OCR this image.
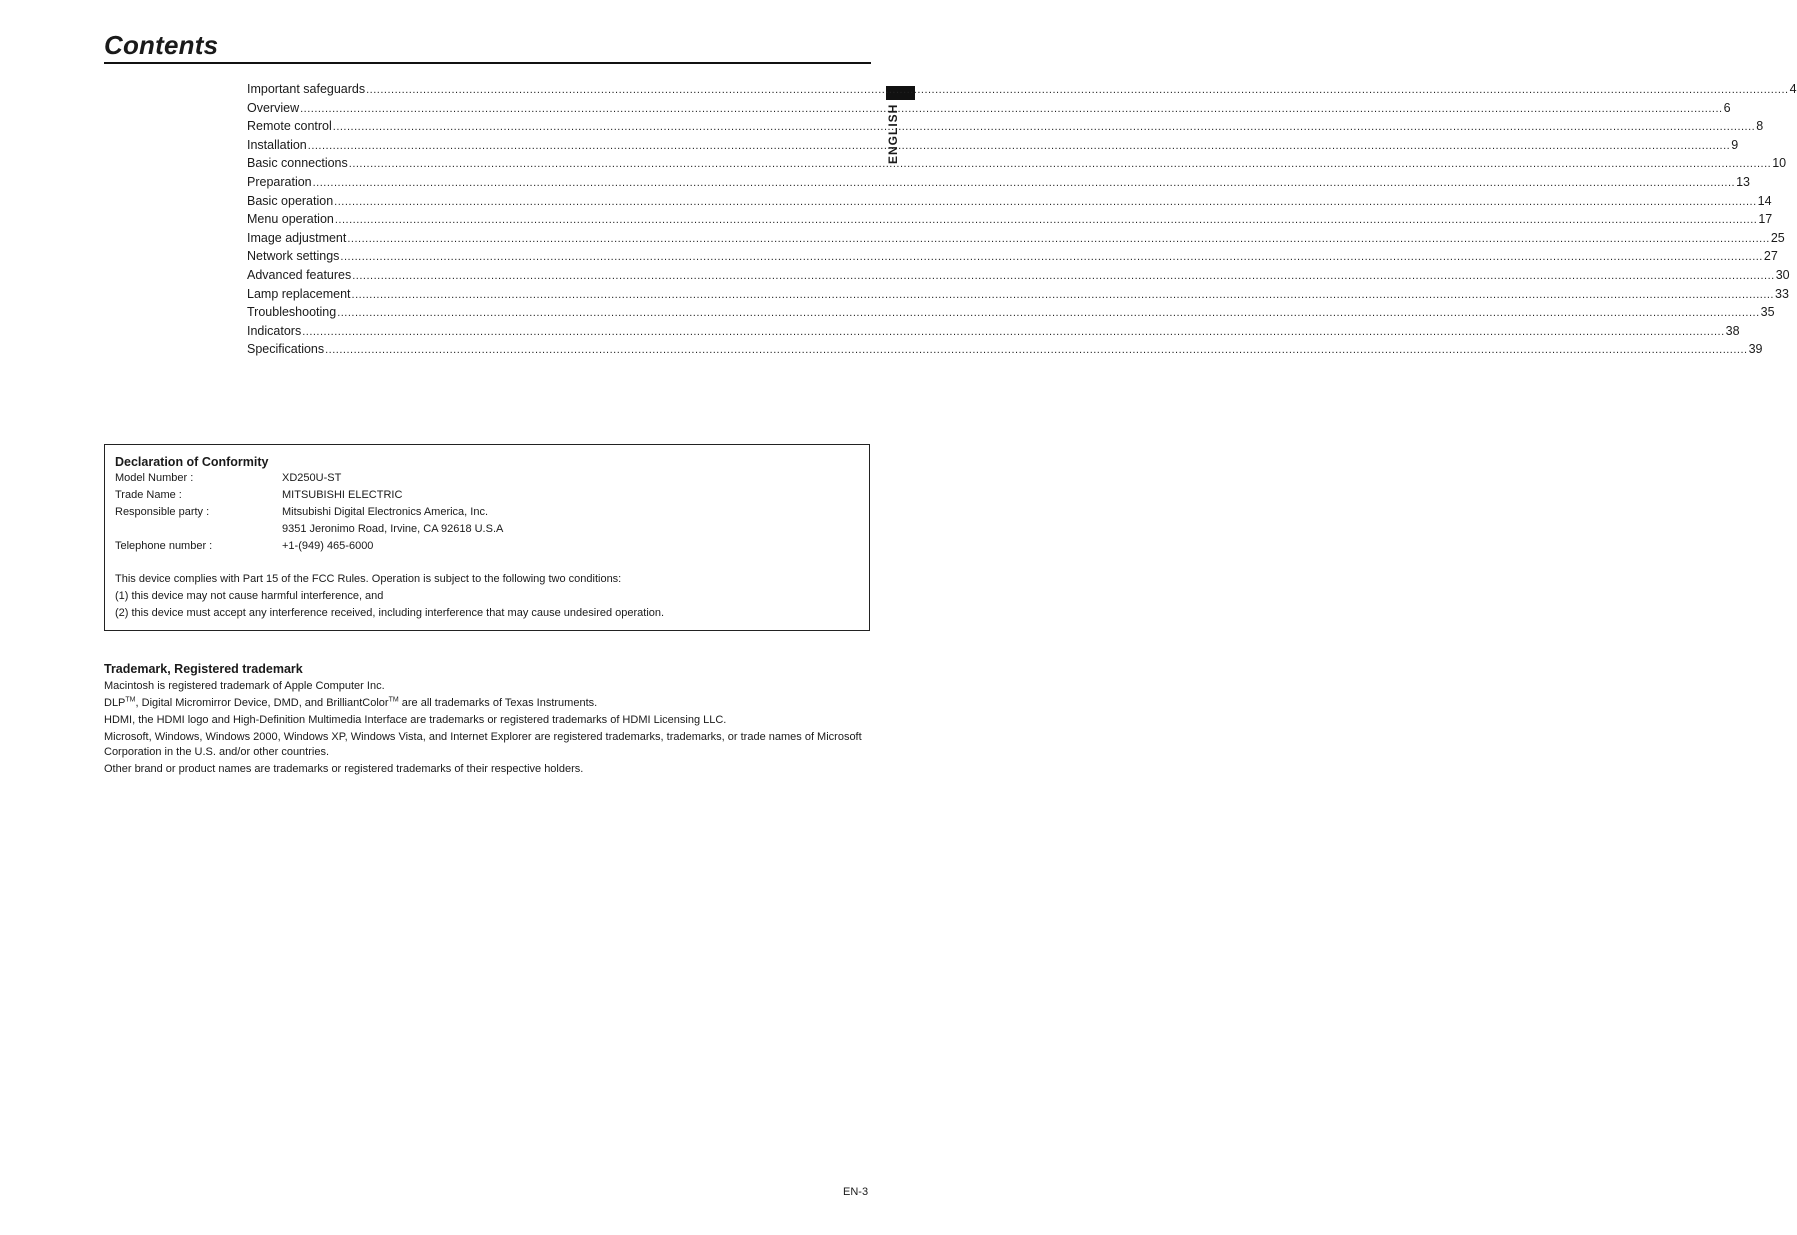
Contents
ENGLISH
Important safeguards ................................................................................................................................................................................................................................................................................................................................................................................................................ 4
Overview ................................................................................................................................................................................................................................................................................................................................................................................................................ 6
Remote control ................................................................................................................................................................................................................................................................................................................................................................................................................ 8
Installation ................................................................................................................................................................................................................................................................................................................................................................................................................ 9
Basic connections ................................................................................................................................................................................................................................................................................................................................................................................................................ 10
Preparation ................................................................................................................................................................................................................................................................................................................................................................................................................ 13
Basic operation ................................................................................................................................................................................................................................................................................................................................................................................................................ 14
Menu operation ................................................................................................................................................................................................................................................................................................................................................................................................................ 17
Image adjustment ................................................................................................................................................................................................................................................................................................................................................................................................................ 25
Network settings ................................................................................................................................................................................................................................................................................................................................................................................................................ 27
Advanced features ................................................................................................................................................................................................................................................................................................................................................................................................................ 30
Lamp replacement ................................................................................................................................................................................................................................................................................................................................................................................................................ 33
Troubleshooting ................................................................................................................................................................................................................................................................................................................................................................................................................ 35
Indicators ................................................................................................................................................................................................................................................................................................................................................................................................................ 38
Specifications ................................................................................................................................................................................................................................................................................................................................................................................................................ 39
Declaration of Conformity
Model Number :	XD250U-ST
Trade Name :	MITSUBISHI ELECTRIC
Responsible party :	Mitsubishi Digital Electronics America, Inc.
9351 Jeronimo Road, Irvine, CA 92618 U.S.A
Telephone number :	+1-(949) 465-6000
This device complies with Part 15 of the FCC Rules. Operation is subject to the following two conditions:
(1) this device may not cause harmful interference, and
(2) this device must accept any interference received, including interference that may cause undesired operation.
Trademark, Registered trademark
Macintosh is registered trademark of Apple Computer Inc.
DLP™, Digital Micromirror Device, DMD, and BrilliantColor™ are all trademarks of Texas Instruments.
HDMI, the HDMI logo and High-Definition Multimedia Interface are trademarks or registered trademarks of HDMI Licensing LLC.
Microsoft, Windows, Windows 2000, Windows XP, Windows Vista, and Internet Explorer are registered trademarks, trademarks, or trade names of Microsoft Corporation in the U.S. and/or other countries.
Other brand or product names are trademarks or registered trademarks of their respective holders.
EN-3
